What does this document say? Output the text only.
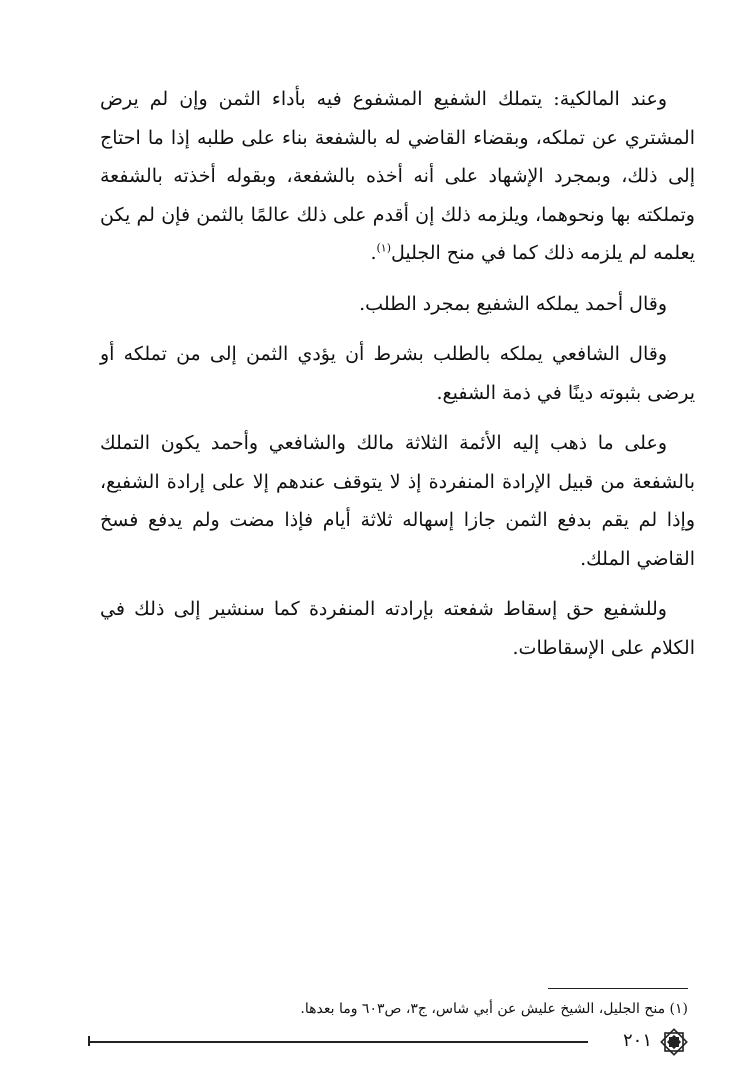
وعند المالكية: يتملك الشفيع المشفوع فيه بأداء الثمن وإن لم يرض المشتري عن تملكه، وبقضاء القاضي له بالشفعة بناء على طلبه إذا ما احتاج إلى ذلك، وبمجرد الإشهاد على أنه أخذه بالشفعة، وبقوله أخذته بالشفعة وتملكته بها ونحوهما، ويلزمه ذلك إن أقدم على ذلك عالمًا بالثمن فإن لم يكن يعلمه لم يلزمه ذلك كما في منح الجليل$^{(١)}$.

وقال أحمد يملكه الشفيع بمجرد الطلب.

وقال الشافعي يملكه بالطلب بشرط أن يؤدي الثمن إلى من تملكه أو يرضى بثبوته دينًا في ذمة الشفيع.

وعلى ما ذهب إليه الأئمة الثلاثة مالك والشافعي وأحمد يكون التملك بالشفعة من قبيل الإرادة المنفردة إذ لا يتوقف عندهم إلا على إرادة الشفيع، وإذا لم يقم بدفع الثمن جازا إسهاله ثلاثة أيام فإذا مضت ولم يدفع فسخ القاضي الملك.

وللشفيع حق إسقاط شفعته بإرادته المنفردة كما سنشير إلى ذلك في الكلام على الإسقاطات.

(١) منح الجليل، الشيخ عليش عن أبي شاس، ج٣، ص٦٠٣ وما بعدها.
٢٠١
